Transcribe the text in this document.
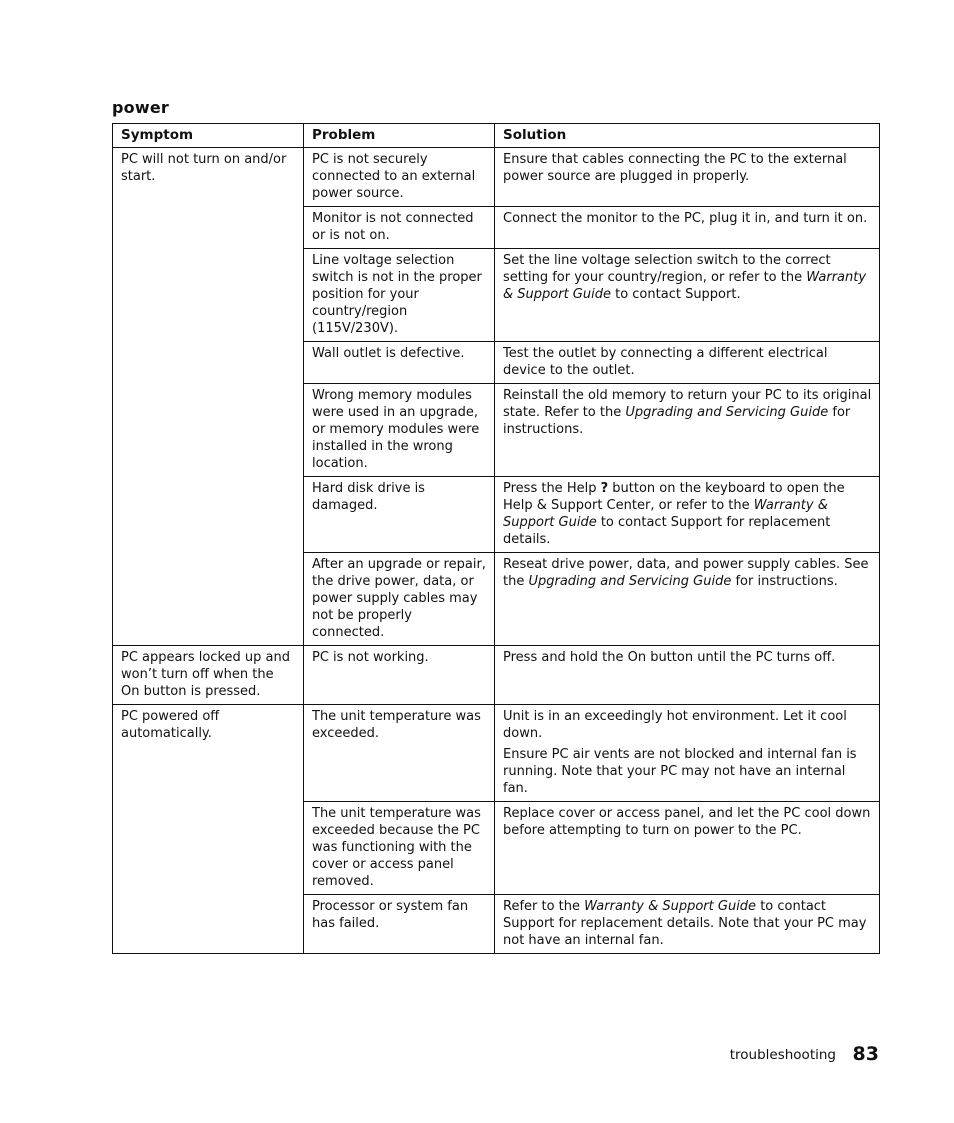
power
Symptom	Problem	Solution
PC will not turn on and/or start.	PC is not securely connected to an external power source.	Ensure that cables connecting the PC to the external power source are plugged in properly.

	Monitor is not connected or is not on.	Connect the monitor to the PC, plug it in, and turn it on.

	Line voltage selection switch is not in the proper position for your country/region (115V/230V).	Set the line voltage selection switch to the correct setting for your country/region, or refer to the Warranty & Support Guide to contact Support.

	Wall outlet is defective.	Test the outlet by connecting a different electrical device to the outlet.

	Wrong memory modules were used in an upgrade, or memory modules were installed in the wrong location.	Reinstall the old memory to return your PC to its original state. Refer to the Upgrading and Servicing Guide for instructions.

	Hard disk drive is damaged.	Press the Help ? button on the keyboard to open the Help & Support Center, or refer to the Warranty & Support Guide to contact Support for replacement details.

	After an upgrade or repair, the drive power, data, or power supply cables may not be properly connected.	Reseat drive power, data, and power supply cables. See the Upgrading and Servicing Guide for instructions.

PC appears locked up and won’t turn off when the On button is pressed.	PC is not working.	Press and hold the On button until the PC turns off.

PC powered off automatically.	The unit temperature was exceeded.	Unit is in an exceedingly hot environment. Let it cool down.
Ensure PC air vents are not blocked and internal fan is running. Note that your PC may not have an internal fan.

	The unit temperature was exceeded because the PC was functioning with the cover or access panel removed.	Replace cover or access panel, and let the PC cool down before attempting to turn on power to the PC.

	Processor or system fan has failed.	Refer to the Warranty & Support Guide to contact Support for replacement details. Note that your PC may not have an internal fan.
troubleshooting 83
